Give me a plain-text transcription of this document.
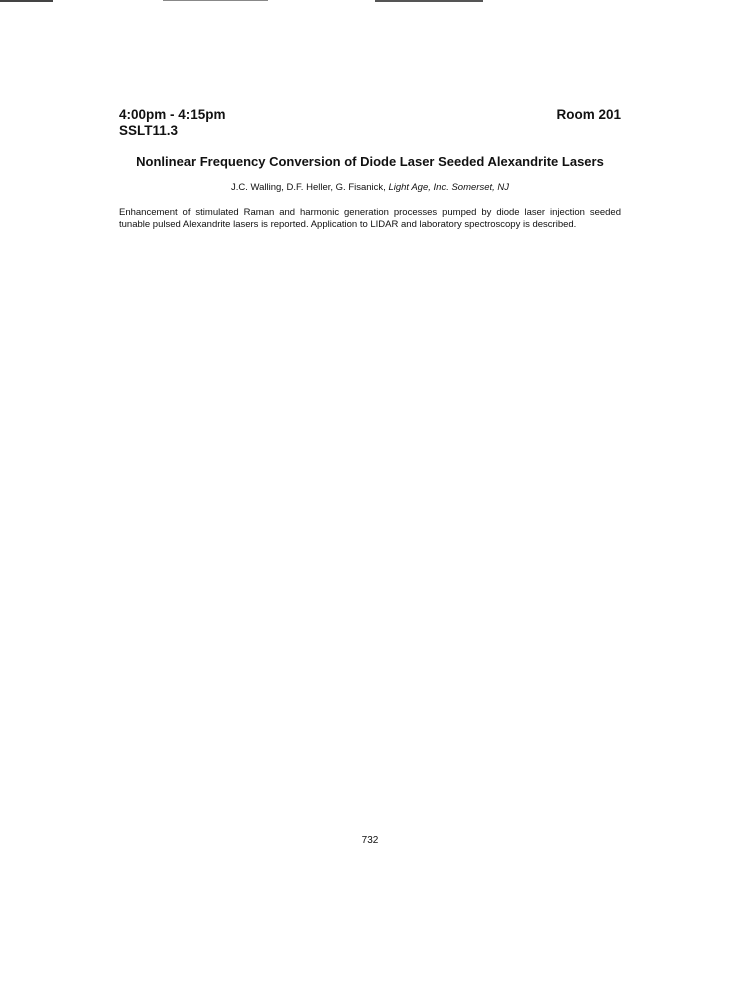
4:00pm - 4:15pm	Room 201
SSLT11.3
Nonlinear Frequency Conversion of Diode Laser Seeded Alexandrite Lasers
J.C. Walling, D.F. Heller, G. Fisanick, Light Age, Inc. Somerset, NJ
Enhancement of stimulated Raman and harmonic generation processes pumped by diode laser injection seeded tunable pulsed Alexandrite lasers is reported. Application to LIDAR and laboratory spectroscopy is described.
732
